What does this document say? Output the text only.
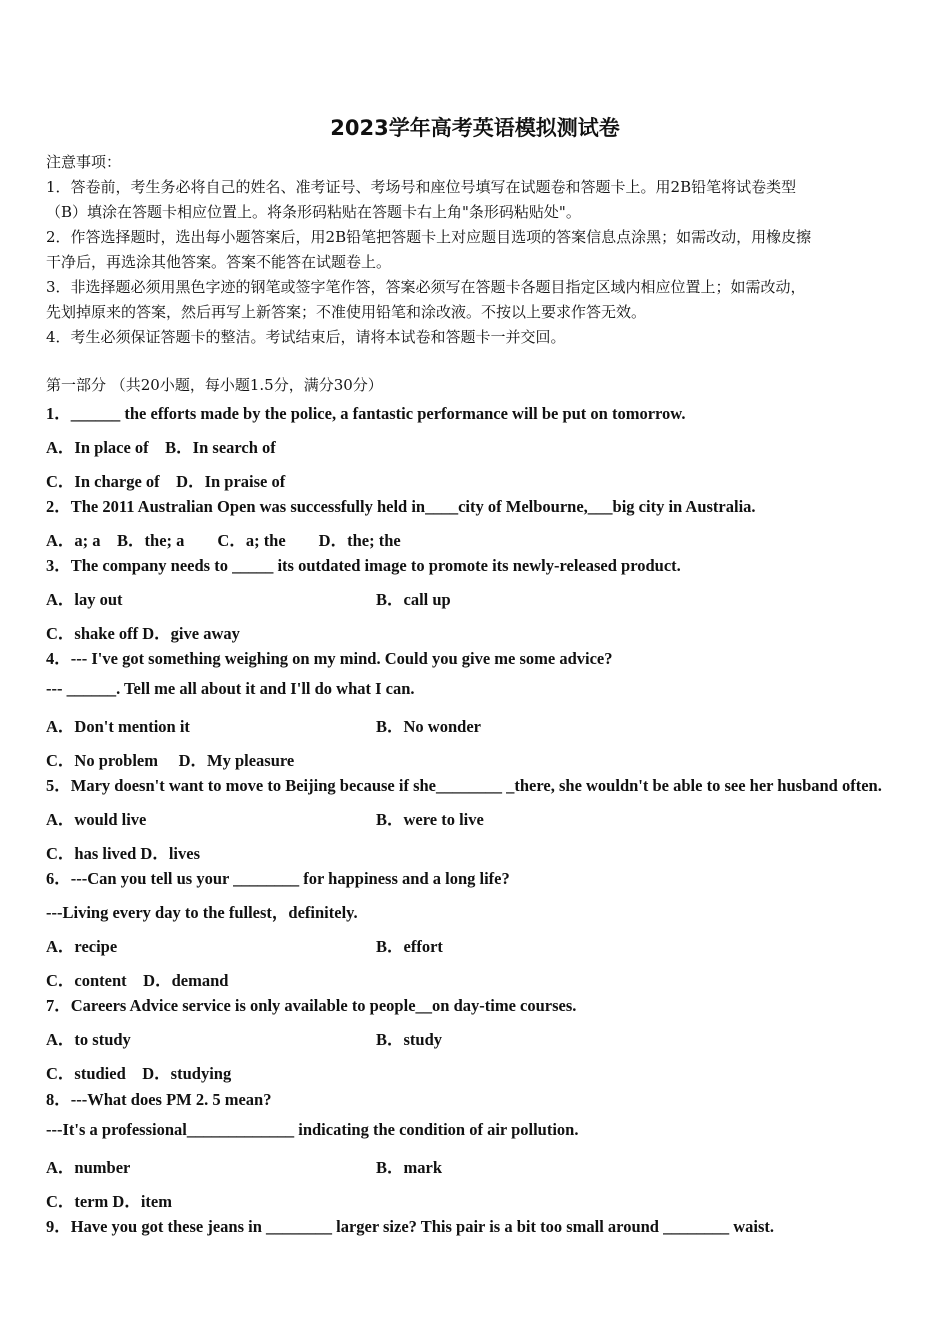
2023学年高考英语模拟测试卷
注意事项：
1．答卷前，考生务必将自己的姓名、准考证号、考场号和座位号填写在试题卷和答题卡上。用2B铅笔将试卷类型
（B）填涂在答题卡相应位置上。将条形码粘贴在答题卡右上角"条形码粘贴处"。
2．作答选择题时，选出每小题答案后，用2B铅笔把答题卡上对应题目选项的答案信息点涂黑；如需改动，用橡皮擦
干净后，再选涂其他答案。答案不能答在试题卷上。
3．非选择题必须用黑色字迹的钢笔或签字笔作答，答案必须写在答题卡各题目指定区域内相应位置上；如需改动，
先划掉原来的答案，然后再写上新答案；不准使用铅笔和涂改液。不按以上要求作答无效。
4．考生必须保证答题卡的整洁。考试结束后，请将本试卷和答题卡一并交回。
第一部分 （共20小题，每小题1.5分，满分30分）
1．______ the efforts made by the police, a fantastic performance will be put on tomorrow.
A．In place of　B．In search of
C．In charge of　D．In praise of
2．The 2011 Australian Open was successfully held in____city of Melbourne,___big city in Australia.
A．a; a　B．the; a　　C．a; the　　D．the; the
3．The company needs to _____ its outdated image to promote its newly-released product.
A．lay out	B．call up
C．shake off D．give away
4．--- I've got something weighing on my mind. Could you give me some advice?
--- ______. Tell me all about it and I'll do what I can.
A．Don't mention it	B．No wonder
C．No problem　 D．My pleasure
5．Mary doesn't want to move to Beijing because if she________ _there, she wouldn't be able to see her husband often.
A．would live	B．were to live
C．has lived D．lives
6．---Can you tell us your ________ for happiness and a long life?
---Living every day to the fullest，definitely.
A．recipe	B．effort
C．content　D．demand
7．Careers Advice service is only available to people__on day-time courses.
A．to study	B．study
C．studied　D．studying
8．---What does PM 2. 5 mean?
---It's a professional_____________ indicating the condition of air pollution.
A．number	B．mark
C．term D．item
9．Have you got these jeans in ________ larger size? This pair is a bit too small around ________ waist.
